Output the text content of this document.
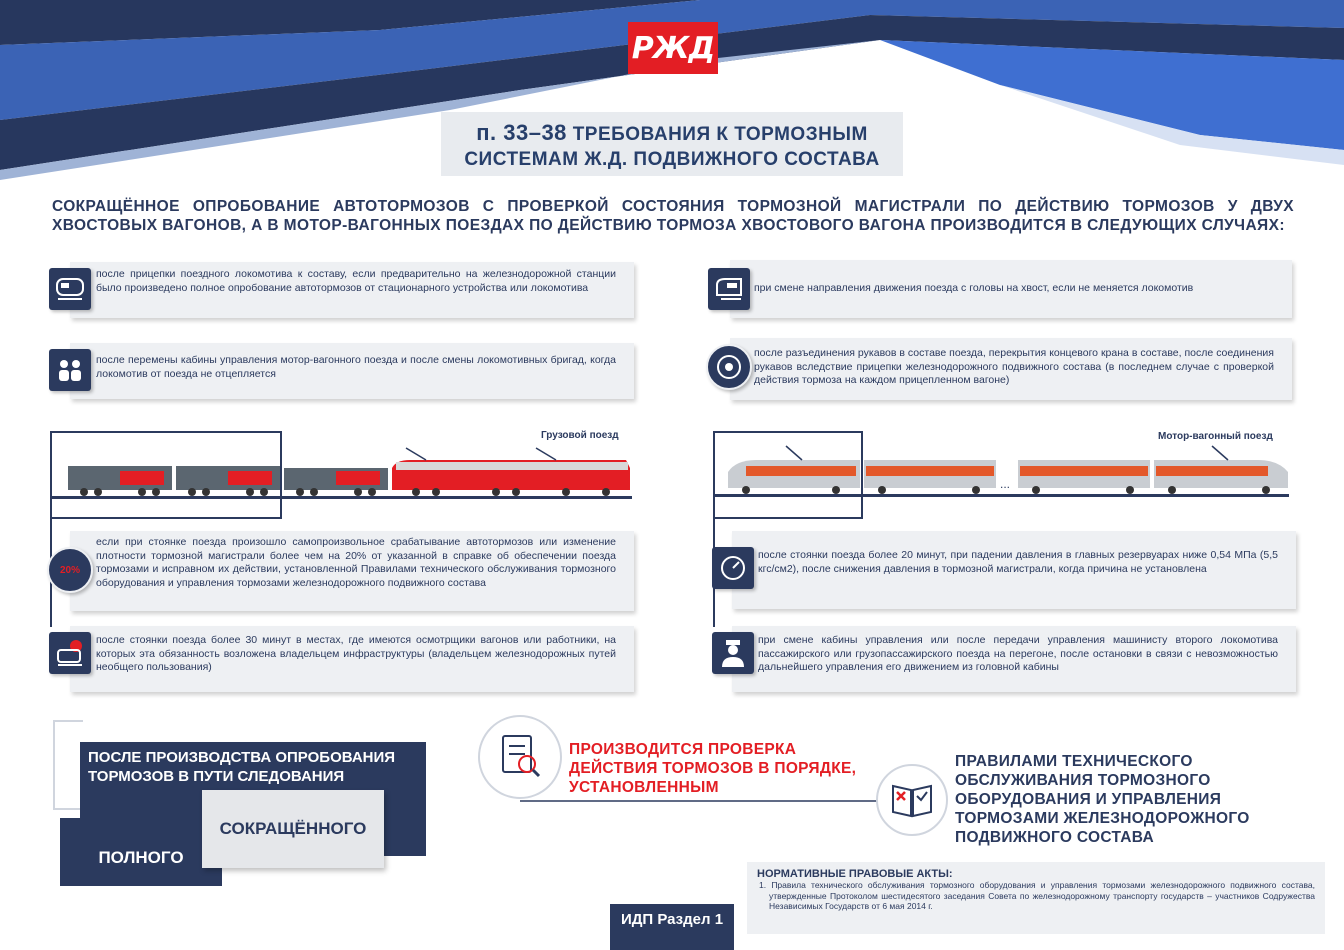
РЖД
п. 33–38 ТРЕБОВАНИЯ К ТОРМОЗНЫМ
СИСТЕМАМ Ж.Д. ПОДВИЖНОГО СОСТАВА
СОКРАЩЁННОЕ ОПРОБОВАНИЕ АВТОТОРМОЗОВ С ПРОВЕРКОЙ СОСТОЯНИЯ ТОРМОЗНОЙ МАГИСТРАЛИ ПО ДЕЙСТВИЮ ТОРМОЗОВ У ДВУХ ХВОСТОВЫХ ВАГОНОВ, А В МОТОР-ВАГОННЫХ ПОЕЗДАХ ПО ДЕЙСТВИЮ ТОРМОЗА ХВОСТОВОГО ВАГОНА ПРОИЗВОДИТСЯ В СЛЕДУЮЩИХ СЛУЧАЯХ:
после прицепки поездного локомотива к составу, если предварительно на железнодорожной станции было произведено полное опробование автотормозов от стационарного устройства или локомотива
после перемены кабины управления мотор-вагонного поезда и после смены локомотивных бригад, когда локомотив от поезда не отцепляется
при смене направления движения поезда с головы на хвост, если не меняется локомотив
после разъединения рукавов в составе поезда, перекрытия концевого крана в составе, после соединения рукавов вследствие прицепки железнодорожного подвижного состава (в последнем случае с проверкой действия тормоза на каждом прицепленном вагоне)
Грузовой поезд	Мотор-вагонный поезд
...
если при стоянке поезда произошло самопроизвольное срабатывание автотормозов или изменение плотности тормозной магистрали более чем на 20% от указанной в справке об обеспечении поезда тормозами и исправном их действии, установленной Правилами технического обслуживания тормозного оборудования и управления тормозами железнодорожного подвижного состава
20%
после стоянки поезда более 30 минут в местах, где имеются осмотрщики вагонов или работники, на которых эта обязанность возложена владельцем инфраструктуры (владельцем железнодорожных путей необщего пользования)
после стоянки поезда более 20 минут, при падении давления в главных резервуарах ниже 0,54 МПа (5,5 кгс/см2), после снижения давления в тормозной магистрали, когда причина не установлена
при смене кабины управления или после передачи управления машинисту второго локомотива пассажирского или грузопассажирского поезда на перегоне, после остановки в связи с невозможностью дальнейшего управления его движением из головной кабины
ПОСЛЕ ПРОИЗВОДСТВА ОПРОБОВАНИЯ ТОРМОЗОВ В ПУТИ СЛЕДОВАНИЯ
ПОЛНОГО
СОКРАЩЁННОГО
ПРОИЗВОДИТСЯ ПРОВЕРКА ДЕЙСТВИЯ ТОРМОЗОВ В ПОРЯДКЕ, УСТАНОВЛЕННЫМ
ПРАВИЛАМИ ТЕХНИЧЕСКОГО ОБСЛУЖИВАНИЯ ТОРМОЗНОГО ОБОРУДОВАНИЯ И УПРАВЛЕНИЯ ТОРМОЗАМИ ЖЕЛЕЗНОДОРОЖНОГО ПОДВИЖНОГО СОСТАВА
НОРМАТИВНЫЕ ПРАВОВЫЕ АКТЫ:

1. Правила технического обслуживания тормозного оборудования и управления тормозами железнодорожного подвижного состава, утвержденные Протоколом шестидесятого заседания Совета по железнодорожному транспорту государств – участников Содружества Независимых Государств от 6 мая 2014 г.

ИДП Раздел 1
